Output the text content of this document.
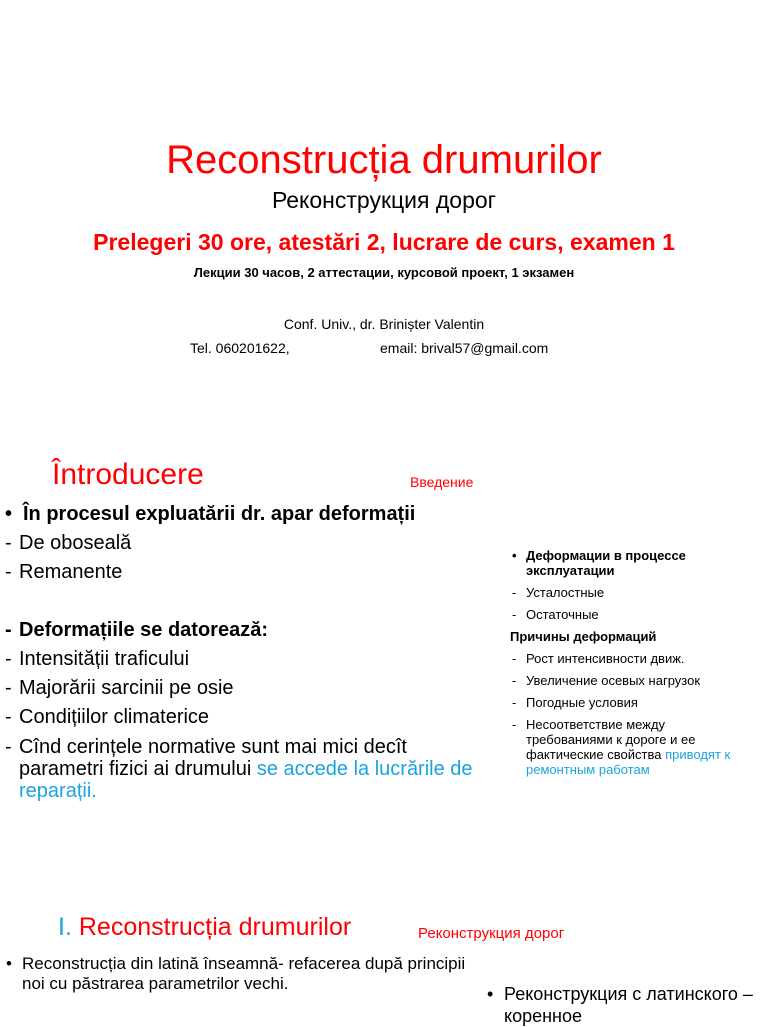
Reconstrucția drumurilor
Реконструкция дорог
Prelegeri 30 ore, atestări 2, lucrare de curs, examen 1
Лекции 30 часов, 2 аттестации, курсовой проект, 1 экзамен
Conf. Univ., dr. Briniștеr Valentin
Tel. 060201622,	email: brival57@gmail.com
Întroducere	Введение
• În procesul expluatării dr. apar deformații
- De oboseală
- Remanente
- Deformațiile se datorează:
- Intensității traficului
- Majorării sarcinii pe osie
- Condițiilor climaterice
- Cînd cerințele normative sunt mai mici decît parametri fizici ai drumului se accede la lucrările de reparații.
• Деформации в процессе эксплуатации
- Усталостные
- Остаточные
Причины деформаций
- Рост интенсивности движ.
- Увеличение осевых нагрузок
- Погодные условия
- Несоответствие между требованиями к дороге и ее фактические свойства приводят к ремонтным работам
I. Reconstrucția drumurilor	Реконструкция дорог
• Reconstrucția din latină înseamnă- refacerea după principii noi cu păstrarea parametrilor vechi.
• Реконструкция с латинского – коренное
